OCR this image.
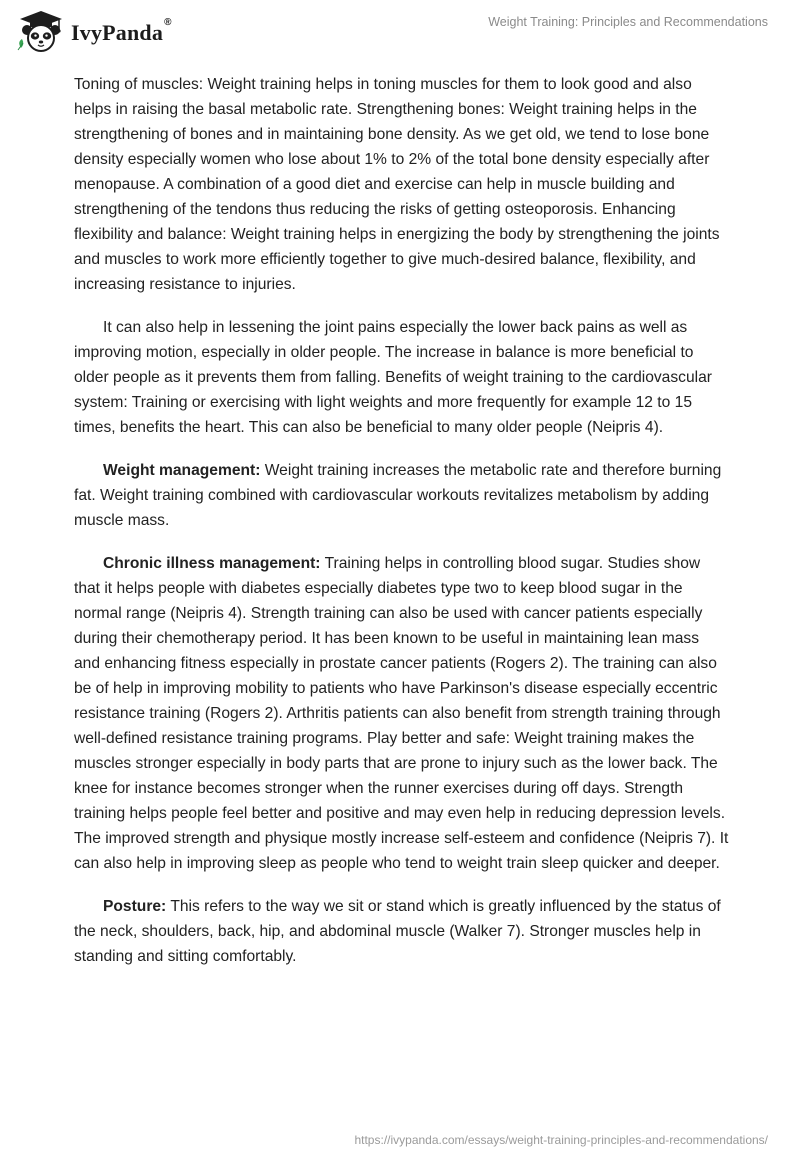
IvyPanda®	Weight Training: Principles and Recommendations

Toning of muscles: Weight training helps in toning muscles for them to look good and also helps in raising the basal metabolic rate. Strengthening bones: Weight training helps in the strengthening of bones and in maintaining bone density. As we get old, we tend to lose bone density especially women who lose about 1% to 2% of the total bone density especially after menopause. A combination of a good diet and exercise can help in muscle building and strengthening of the tendons thus reducing the risks of getting osteoporosis. Enhancing flexibility and balance: Weight training helps in energizing the body by strengthening the joints and muscles to work more efficiently together to give much-desired balance, flexibility, and increasing resistance to injuries.

It can also help in lessening the joint pains especially the lower back pains as well as improving motion, especially in older people. The increase in balance is more beneficial to older people as it prevents them from falling. Benefits of weight training to the cardiovascular system: Training or exercising with light weights and more frequently for example 12 to 15 times, benefits the heart. This can also be beneficial to many older people (Neipris 4).

Weight management: Weight training increases the metabolic rate and therefore burning fat. Weight training combined with cardiovascular workouts revitalizes metabolism by adding muscle mass.

Chronic illness management: Training helps in controlling blood sugar. Studies show that it helps people with diabetes especially diabetes type two to keep blood sugar in the normal range (Neipris 4). Strength training can also be used with cancer patients especially during their chemotherapy period. It has been known to be useful in maintaining lean mass and enhancing fitness especially in prostate cancer patients (Rogers 2). The training can also be of help in improving mobility to patients who have Parkinson's disease especially eccentric resistance training (Rogers 2). Arthritis patients can also benefit from strength training through well-defined resistance training programs. Play better and safe: Weight training makes the muscles stronger especially in body parts that are prone to injury such as the lower back. The knee for instance becomes stronger when the runner exercises during off days. Strength training helps people feel better and positive and may even help in reducing depression levels. The improved strength and physique mostly increase self-esteem and confidence (Neipris 7). It can also help in improving sleep as people who tend to weight train sleep quicker and deeper.

Posture: This refers to the way we sit or stand which is greatly influenced by the status of the neck, shoulders, back, hip, and abdominal muscle (Walker 7). Stronger muscles help in standing and sitting comfortably.

https://ivypanda.com/essays/weight-training-principles-and-recommendations/
